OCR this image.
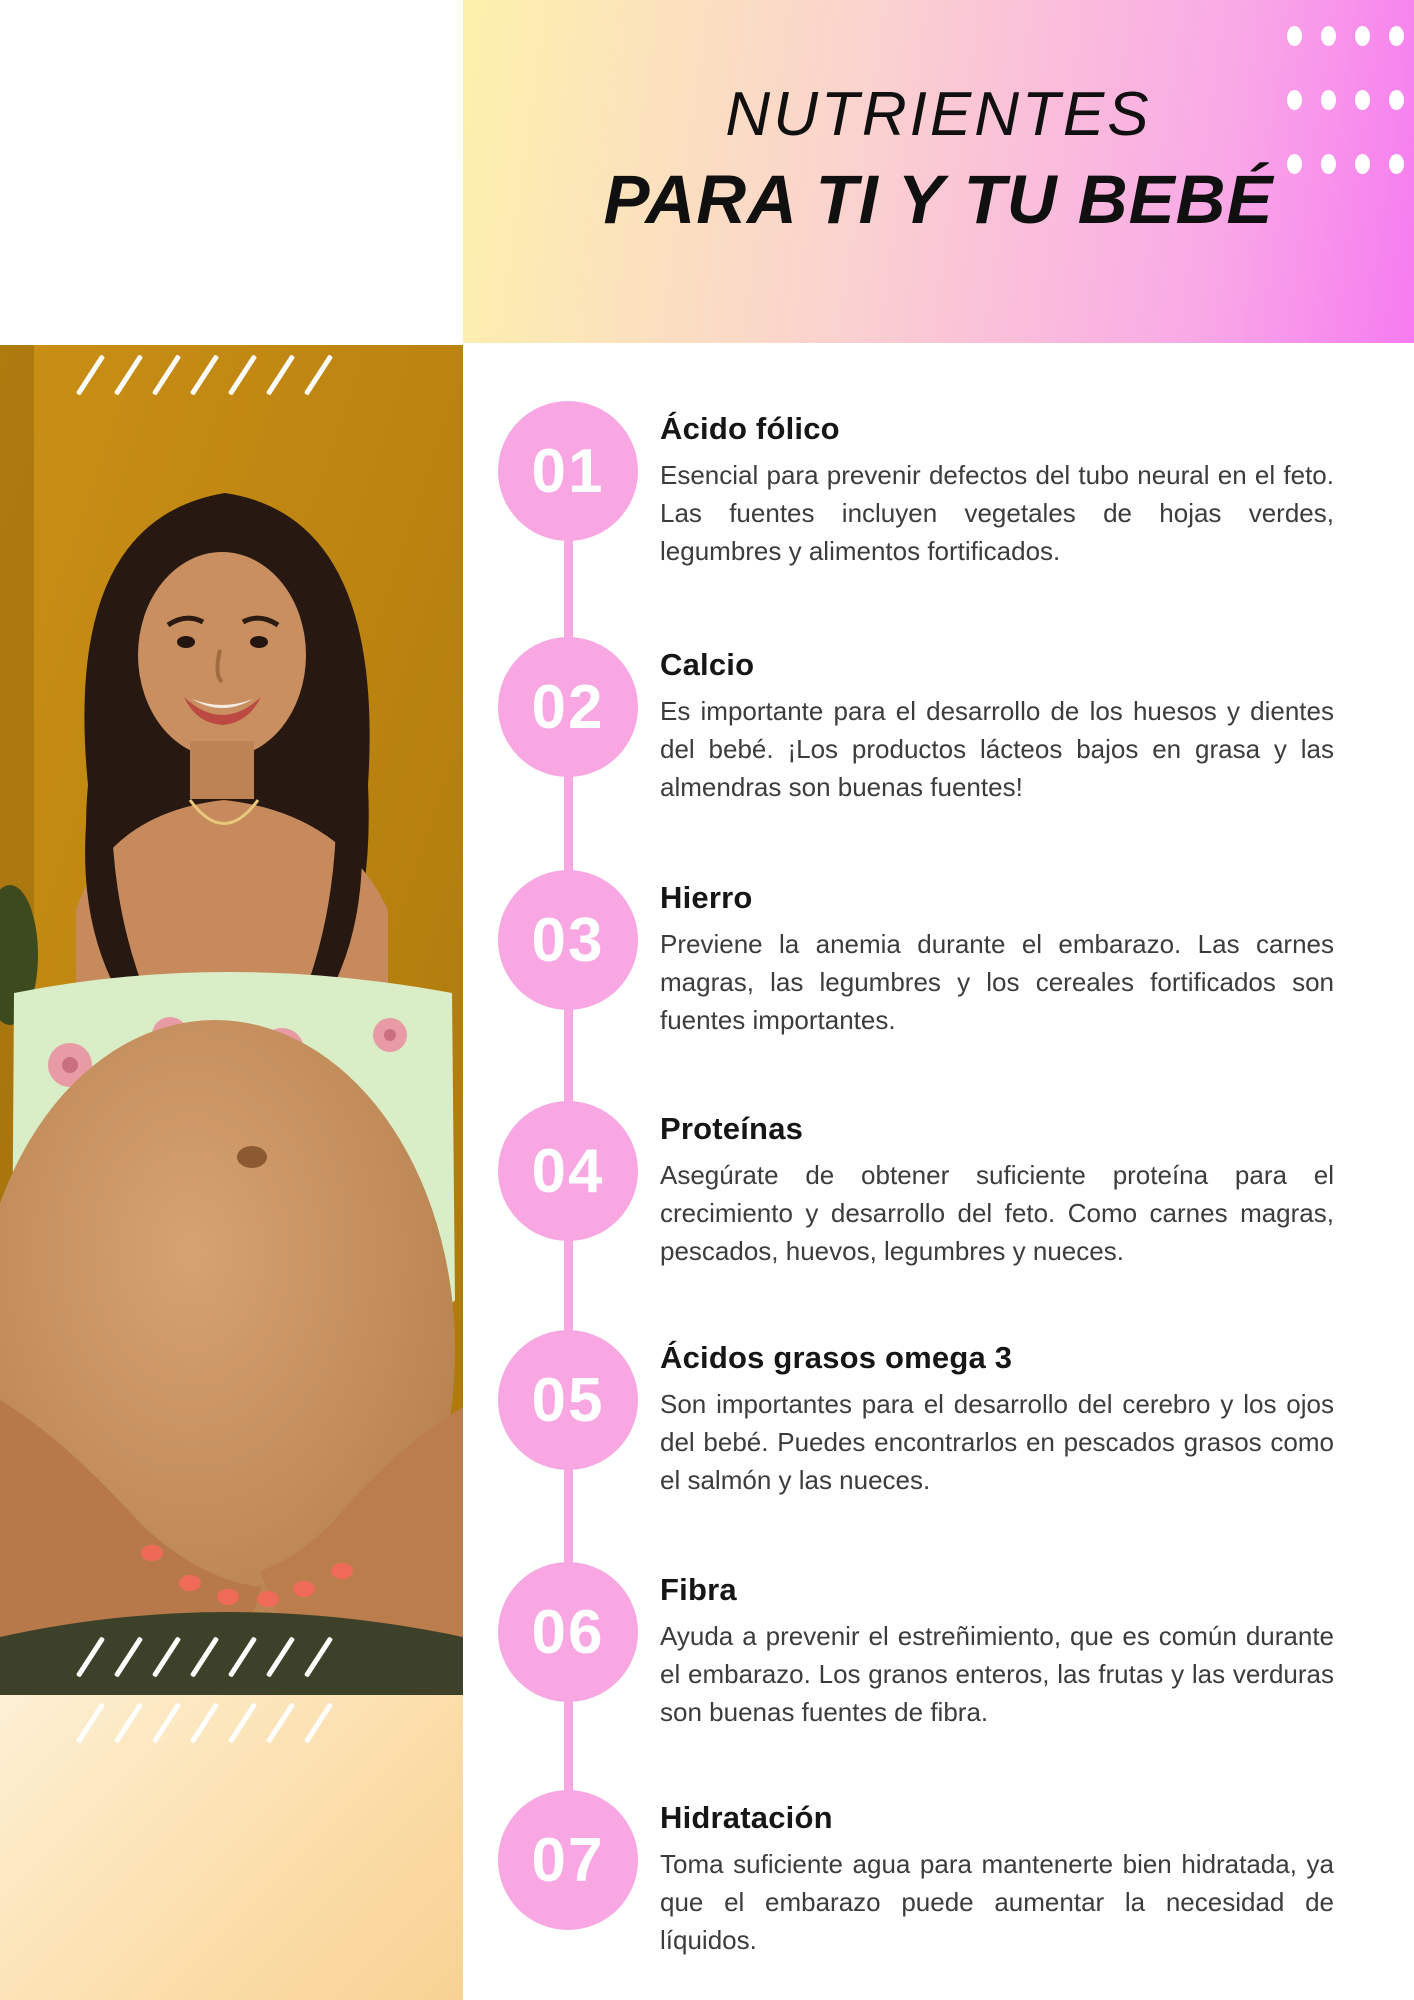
NUTRIENTES
PARA TI Y TU BEBÉ
01
Ácido fólico

Esencial para prevenir defectos del tubo neural en el feto. Las fuentes incluyen vegetales de hojas verdes, legumbres y alimentos fortificados.

02
Calcio

Es importante para el desarrollo de los huesos y dientes del bebé. ¡Los productos lácteos bajos en grasa y las almendras son buenas fuentes!

03
Hierro

Previene la anemia durante el embarazo. Las carnes magras, las legumbres y los cereales fortificados son fuentes importantes.

04
Proteínas

Asegúrate de obtener suficiente proteína para el crecimiento y desarrollo del feto. Como carnes magras, pescados, huevos, legumbres y nueces.

05
Ácidos grasos omega 3

Son importantes para el desarrollo del cerebro y los ojos del bebé. Puedes encontrarlos en pescados grasos como el salmón y las nueces.

06
Fibra

Ayuda a prevenir el estreñimiento, que es común durante el embarazo. Los granos enteros, las frutas y las verduras son buenas fuentes de fibra.

07
Hidratación

Toma suficiente agua para mantenerte bien hidratada, ya que el embarazo puede aumentar la necesidad de líquidos.
